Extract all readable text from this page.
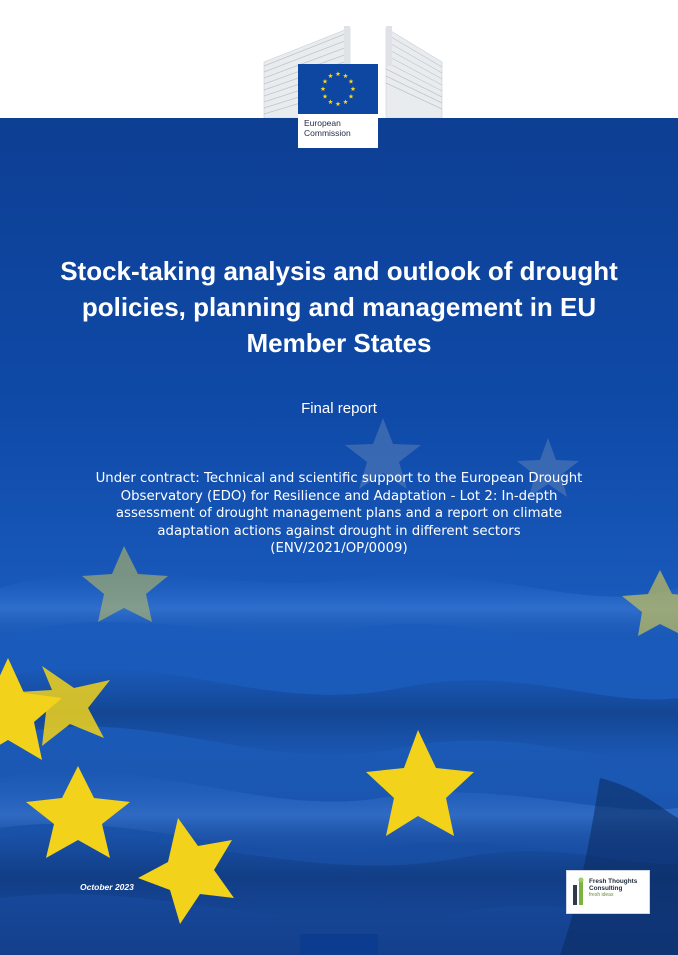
European
Commission
Stock-taking analysis and outlook of drought policies, planning and management in EU Member States

Final report

Under contract: Technical and scientific support to the European Drought Observatory (EDO) for Resilience and Adaptation - Lot 2: In-depth assessment of drought management plans and a report on climate adaptation actions against drought in different sectors (ENV/2021/OP/0009)

October 2023
Fresh Thoughts
Consulting
fresh ideas
